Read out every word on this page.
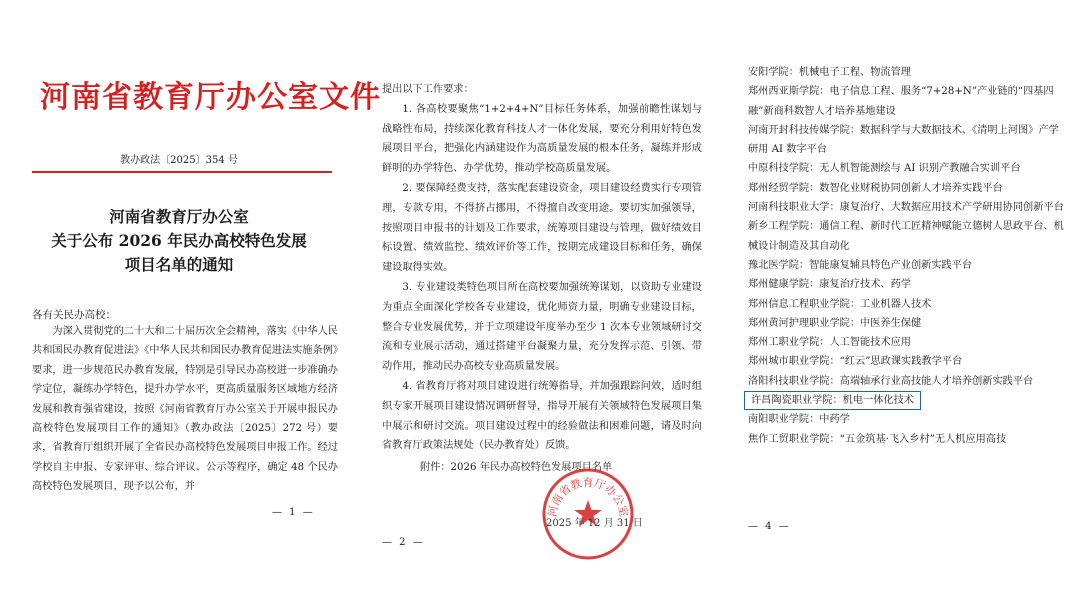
河南省教育厅办公室文件
教办政法〔2025〕354 号
河南省教育厅办公室
关于公布 2026 年民办高校特色发展
项目名单的通知
各有关民办高校：

为深入贯彻党的二十大和二十届历次全会精神，落实《中华人民共和国民办教育促进法》《中华人民共和国民办教育促进法实施条例》要求，进一步规范民办教育发展，特别是引导民办高校进一步准确办学定位，凝练办学特色，提升办学水平，更高质量服务区域地方经济发展和教育强省建设，按照《河南省教育厅办公室关于开展申报民办高校特色发展项目工作的通知》（教办政法〔2025〕272 号）要求，省教育厅组织开展了全省民办高校特色发展项目申报工作。经过学校自主申报、专家评审、综合评议、公示等程序，确定 48 个民办高校特色发展项目，现予以公布，并

— 1 —

提出以下工作要求：

1. 各高校要聚焦“1+2+4+N”目标任务体系，加强前瞻性谋划与战略性布局，持续深化教育科技人才一体化发展，要充分利用好特色发展项目平台，把强化内涵建设作为高质量发展的根本任务，凝练并形成鲜明的办学特色、办学优势，推动学校高质量发展。

2. 要保障经费支持，落实配套建设资金，项目建设经费实行专项管理，专款专用，不得挤占挪用，不得擅自改变用途。要切实加强领导，按照项目申报书的计划及工作要求，统筹项目建设与管理，做好绩效目标设置、绩效监控、绩效评价等工作，按期完成建设目标和任务，确保建设取得实效。

3. 专业建设类特色项目所在高校要加强统筹谋划，以资助专业建设为重点全面深化学校各专业建设，优化师资力量，明确专业建设目标，整合专业发展优势，并于立项建设年度举办至少 1 次本专业领域研讨交流和专业展示活动，通过搭建平台凝聚力量，充分发挥示范、引领、带动作用，推动民办高校专业高质量发展。

4. 省教育厅将对项目建设进行统筹指导，并加强跟踪问效，适时组织专家开展项目建设情况调研督导，指导开展有关领域特色发展项目集中展示和研讨交流。项目建设过程中的经验做法和困难问题，请及时向省教育厅政策法规处（民办教育处）反馈。

附件：2026 年民办高校特色发展项目名单
河南省教育厅办公室
2025 年 12 月 31 日
— 2 —

安阳学院：机械电子工程、物流管理

郑州西亚斯学院：电子信息工程、服务“7+28+N”产业链的“四基四融”新商科数智人才培养基地建设

河南开封科技传媒学院：数据科学与大数据技术、《清明上河图》产学研用 AI 数字平台

中原科技学院：无人机智能测绘与 AI 识别产教融合实训平台

郑州经贸学院：数智化业财税协同创新人才培养实践平台

河南科技职业大学：康复治疗、大数据应用技术产学研用协同创新平台

新乡工程学院：通信工程、新时代工匠精神赋能立德树人思政平台、机械设计制造及其自动化

豫北医学院：智能康复辅具特色产业创新实践平台

郑州健康学院：康复治疗技术、药学

郑州信息工程职业学院：工业机器人技术

郑州黄河护理职业学院：中医养生保健

郑州工职业学院：人工智能技术应用

郑州城市职业学院：“红云”思政课实践教学平台

洛阳科技职业学院：高端轴承行业高技能人才培养创新实践平台

许昌陶瓷职业学院：机电一体化技术

南阳职业学院：中药学

焦作工贸职业学院：“五金筑基·飞入乡村”无人机应用高技

— 4 —
